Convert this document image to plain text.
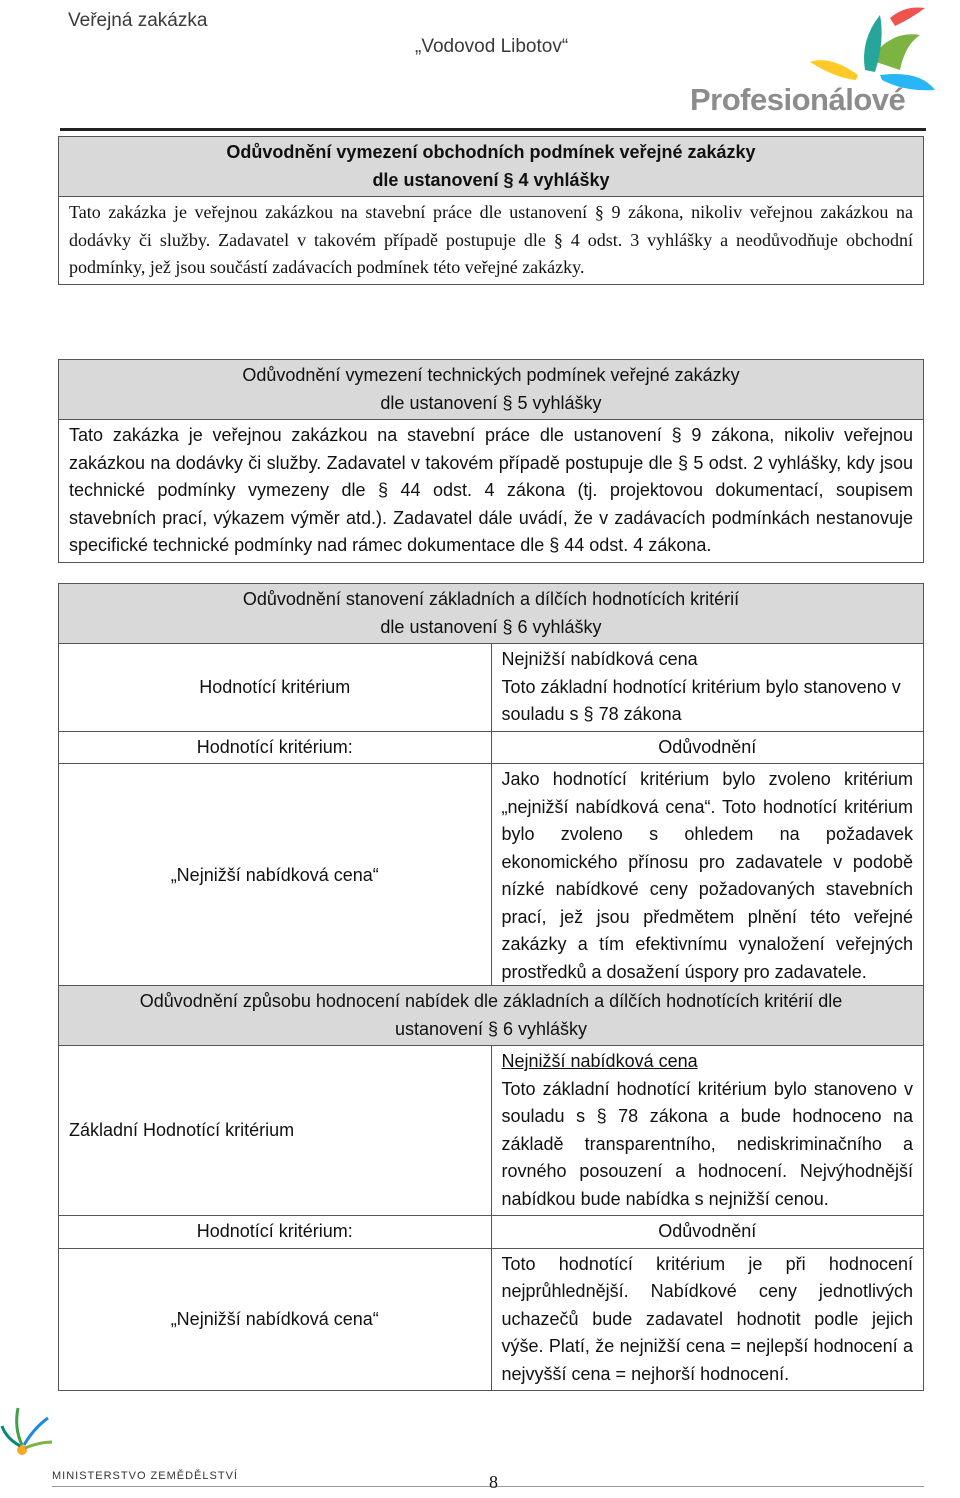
Veřejná zakázka
„Vodovod Libotov“
Profesionálové
Odůvodnění vymezení obchodních podmínek veřejné zakázky
dle ustanovení § 4 vyhlášky

Tato zakázka je veřejnou zakázkou na stavební práce dle ustanovení § 9 zákona, nikoliv veřejnou zakázkou na dodávky či služby. Zadavatel v takovém případě postupuje dle § 4 odst. 3 vyhlášky a neodůvodňuje obchodní podmínky, jež jsou součástí zadávacích podmínek této veřejné zakázky.
Odůvodnění vymezení technických podmínek veřejné zakázky
dle ustanovení § 5 vyhlášky

Tato zakázka je veřejnou zakázkou na stavební práce dle ustanovení § 9 zákona, nikoliv veřejnou zakázkou na dodávky či služby. Zadavatel v takovém případě postupuje dle § 5 odst. 2 vyhlášky, kdy jsou technické podmínky vymezeny dle § 44 odst. 4 zákona (tj. projektovou dokumentací, soupisem stavebních prací, výkazem výměr atd.). Zadavatel dále uvádí, že v zadávacích podmínkách nestanovuje specifické technické podmínky nad rámec dokumentace dle § 44 odst. 4 zákona.
Odůvodnění stanovení základních a dílčích hodnotících kritérií
dle ustanovení § 6 vyhlášky	

Hodnotící kritérium	Nejnižší nabídková cena
Toto základní hodnotící kritérium bylo stanoveno v souladu s § 78 zákona

Hodnotící kritérium:	Odůvodnění
„Nejnižší nabídková cena“	Jako hodnotící kritérium bylo zvoleno kritérium „nejnižší nabídková cena“. Toto hodnotící kritérium bylo zvoleno s ohledem na požadavek ekonomického přínosu pro zadavatele v podobě nízké nabídkové ceny požadovaných stavebních prací, jež jsou předmětem plnění této veřejné zakázky a tím efektivnímu vynaložení veřejných prostředků a dosažení úspory pro zadavatele.
Odůvodnění způsobu hodnocení nabídek dle základních a dílčích hodnotících kritérií dle
ustanovení § 6 vyhlášky	

Základní Hodnotící kritérium	Nejnižší nabídková cena
Toto základní hodnotící kritérium bylo stanoveno v souladu s § 78 zákona a bude hodnoceno na základě transparentního, nediskriminačního a rovného posouzení a hodnocení. Nejvýhodnější nabídkou bude nabídka s nejnižší cenou.

Hodnotící kritérium:	Odůvodnění
„Nejnižší nabídková cena“	Toto hodnotící kritérium je při hodnocení nejprůhlednější. Nabídkové ceny jednotlivých uchazečů bude zadavatel hodnotit podle jejich výše. Platí, že nejnižší cena = nejlepší hodnocení a nejvyšší cena = nejhorší hodnocení.
MINISTERSTVO ZEMĚDĚLSTVÍ	8
